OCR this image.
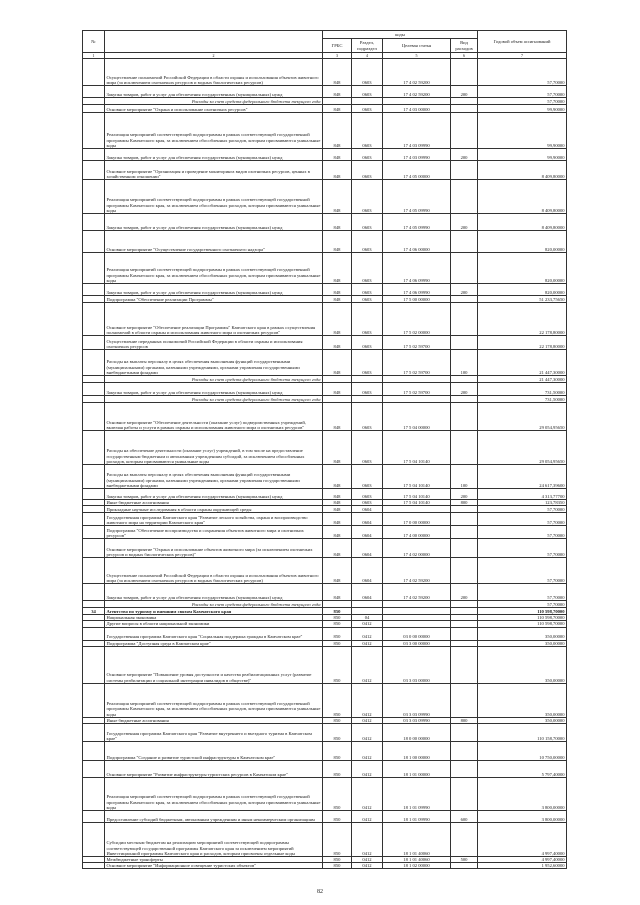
№		коды				Годовой объем ассигнований
		ГРБС	Раздел, подраздел	Целевая статья	Вид расходов	
1	2	3	4	5	6	7
	Осуществление полномочий Российской Федерации в области охраны и использования объектов животного мира (за исключением охотничьих ресурсов и водных биологических ресурсов)	848	0603	17 4 02 59200		57,70000
	Закупка товаров, работ и услуг для обеспечения государственных (муниципальных) нужд	848	0603	17 4 02 59200	200	57,70000
	Расходы за счет средств федерального бюджета текущего года					57,70000
	Основное мероприятие "Охрана и использование охотничьих ресурсов"	848	0603	17 4 03 00000		99,90000
	Реализация мероприятий соответствующей подпрограммы в рамках соответствующей государственной программы Камчатского края, за исключением обособленных расходов, которым присваиваются уникальные коды	848	0603	17 4 03 09990		99,90000
	Закупка товаров, работ и услуг для обеспечения государственных (муниципальных) нужд	848	0603	17 4 03 09990	200	99,90000
	Основное мероприятие "Организация и проведение мониторинга видов охотничьих ресурсов, ценных в хозяйственном отношении"	848	0603	17 4 05 00000		8 409,80000
	Реализация мероприятий соответствующей подпрограммы в рамках соответствующей государственной программы Камчатского края, за исключением обособленных расходов, которым присваиваются уникальные коды	848	0603	17 4 05 09990		8 409,80000
	Закупка товаров, работ и услуг для обеспечения государственных (муниципальных) нужд	848	0603	17 4 05 09990	200	8 409,80000
	Основное мероприятие "Осуществление государственного охотничьего надзора"	848	0603	17 4 06 00000		820,00000
	Реализация мероприятий соответствующей подпрограммы в рамках соответствующей государственной программы Камчатского края, за исключением обособленных расходов, которым присваиваются уникальные коды	848	0603	17 4 06 09990		820,00000
	Закупка товаров, работ и услуг для обеспечения государственных (муниципальных) нужд	848	0603	17 4 06 09990	200	820,00000
	Подпрограмма "Обеспечение реализации Программы"	848	0603	17 5 00 00000		51 233,75650
	Основное мероприятие "Обеспечение реализации Программы" Камчатского края в рамках осуществления полномочий в области охраны и использования животного мира и охотничьих ресурсов"	848	0603	17 5 02 00000		22 178,80000
	Осуществление переданных полномочий Российской Федерации в области охраны и использования охотничьих ресурсов	848	0603	17 5 02 59700		22 178,80000
	Расходы на выплаты персоналу в целях обеспечения выполнения функций государственными (муниципальными) органами, казенными учреждениями, органами управления государственными внебюджетными фондами	848	0603	17 5 02 59700	100	21 447,30000
	Расходы за счет средств федерального бюджета текущего года					21 447,30000
	Закупка товаров, работ и услуг для обеспечения государственных (муниципальных) нужд	848	0603	17 5 02 59700	200	731,50000
	Расходы за счет средств федерального бюджета текущего года					731,50000
	Основное мероприятие "Обеспечение деятельности (оказание услуг) подведомственных учреждений, включая работы и услуги в рамках охраны и использования животного мира и охотничьих ресурсов"	848	0603	17 5 04 00000		29 054,95650
	Расходы на обеспечение деятельности (оказание услуг) учреждений, в том числе на предоставление государственным бюджетным и автономным учреждениям субсидий, за исключением обособленных расходов, которым присваиваются уникальные коды	848	0603	17 5 04 10140		29 054,95650
	Расходы на выплаты персоналу в целях обеспечения выполнения функций государственными (муниципальными) органами, казенными учреждениями, органами управления государственными внебюджетными фондами	848	0603	17 5 04 10140	100	24 617,39600
	Закупка товаров, работ и услуг для обеспечения государственных (муниципальных) нужд	848	0603	17 5 04 10140	200	4 313,77700
	Иные бюджетные ассигнования	848	0603	17 5 04 10140	800	123,78350
	Прикладные научные исследования в области охраны окружающей среды	848	0604			57,70000
	Государственная программа Камчатского края "Развитие лесного хозяйства, охрана и воспроизводство животного мира на территории Камчатского края"	848	0604	17 0 00 00000		57,70000
	Подпрограмма "Обеспечение воспроизводства и сохранения объектов животного мира и охотничьих ресурсов"	848	0604	17 4 00 00000		57,70000
	Основное мероприятие "Охрана и использование объектов животного мира (за исключением охотничьих ресурсов и водных биологических ресурсов)"	848	0604	17 4 02 00000		57,70000
	Осуществление полномочий Российской Федерации в области охраны и использования объектов животного мира (за исключением охотничьих ресурсов и водных биологических ресурсов)	848	0604	17 4 02 59200		57,70000
	Закупка товаров, работ и услуг для обеспечения государственных (муниципальных) нужд	848	0604	17 4 02 59200	200	57,70000
	Расходы за счет средств федерального бюджета текущего года					57,70000
34	Агентство по туризму и внешним связям Камчатского края	850				110 598,70000
	Национальная экономика	850	04			110 598,70000
	Другие вопросы в области национальной экономики	850	0412			110 598,70000
	Государственная программа Камчатского края "Социальная поддержка граждан в Камчатском крае"	850	0412	03 0 00 00000		350,00000
	Подпрограмма "Доступная среда в Камчатском крае"	850	0412	03 3 00 00000		350,00000
	Основное мероприятие "Повышение уровня доступности и качества реабилитационных услуг (развитие системы реабилитации и социальной интеграции инвалидов в обществе)"	850	0412	03 3 03 00000		350,00000
	Реализация мероприятий соответствующей подпрограммы в рамках соответствующей государственной программы Камчатского края, за исключением обособленных расходов, которым присваиваются уникальные коды	850	0412	03 3 03 09990		350,00000
	Иные бюджетные ассигнования	850	0412	03 3 03 09990	800	350,00000
	Государственная программа Камчатского края "Развитие внутреннего и въездного туризма в Камчатском крае"	850	0412	18 0 00 00000		110 158,70000
	Подпрограмма "Создание и развитие туристской инфраструктуры в Камчатском крае"	850	0412	18 1 00 00000		10 750,00000
	Основное мероприятие "Развитие инфраструктуры туристских ресурсов в Камчатском крае"	850	0412	18 1 01 00000		5 797,40000
	Реализация мероприятий соответствующей подпрограммы в рамках соответствующей государственной программы Камчатского края, за исключением обособленных расходов, которым присваиваются уникальные коды	850	0412	18 1 01 09990		3 800,00000
	Предоставление субсидий бюджетным, автономным учреждениям и иным некоммерческим организациям	850	0412	18 1 01 09990	600	3 800,00000
	Субсидии местным бюджетам на реализацию мероприятий соответствующей подпрограммы соответствующей государственной программы Камчатского края за исключением мероприятий Инвестиционной программы Камчатского края и расходов, которым присвоены отдельные коды	850	0412	18 1 01 40060		4 997,40000
	Межбюджетные трансферты	850	0412	18 1 01 40060	500	4 997,40000
	Основное мероприятие "Информационное освещение туристских объектов"	850	0412	18 1 02 00000		1 952,60000
82
